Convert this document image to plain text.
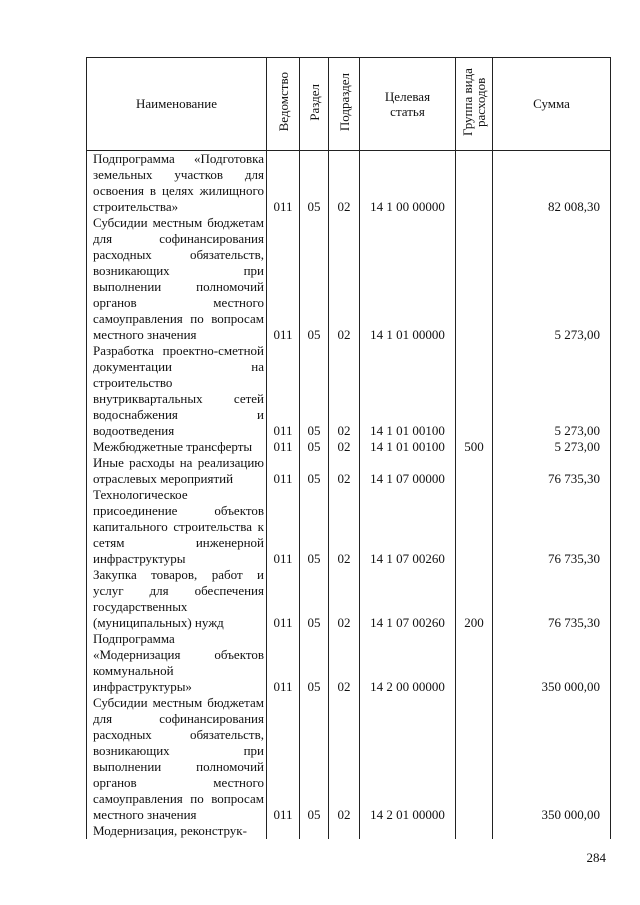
Наименование	Ведомство	Раздел	Подраздел	Целевая статья	Группа вида расходов	Сумма
Подпрограмма «Подготовка земельных участков для освоения в целях жилищного строительства»	011	05	02	14 1 00 00000		82 008,30
Субсидии местным бюджетам для софинансирования расходных обязательств, возникающих при выполнении полномочий органов местного самоуправления по вопросам местного значения	011	05	02	14 1 01 00000		5 273,00
Разработка проектно-сметной документации на строительство внутриквартальных сетей водоснабжения и водоотведения	011	05	02	14 1 01 00100		5 273,00
Межбюджетные трансферты	011	05	02	14 1 01 00100	500	5 273,00
Иные расходы на реализацию отраслевых мероприятий	011	05	02	14 1 07 00000		76 735,30
Технологическое присоединение объектов капитального строительства к сетям инженерной инфраструктуры	011	05	02	14 1 07 00260		76 735,30
Закупка товаров, работ и услуг для обеспечения государственных (муниципальных) нужд	011	05	02	14 1 07 00260	200	76 735,30
Подпрограмма «Модернизация объектов коммунальной инфраструктуры»	011	05	02	14 2 00 00000		350 000,00
Субсидии местным бюджетам для софинансирования расходных обязательств, возникающих при выполнении полномочий органов местного самоуправления по вопросам местного значения	011	05	02	14 2 01 00000		350 000,00
Модернизация, реконструк-						
284
